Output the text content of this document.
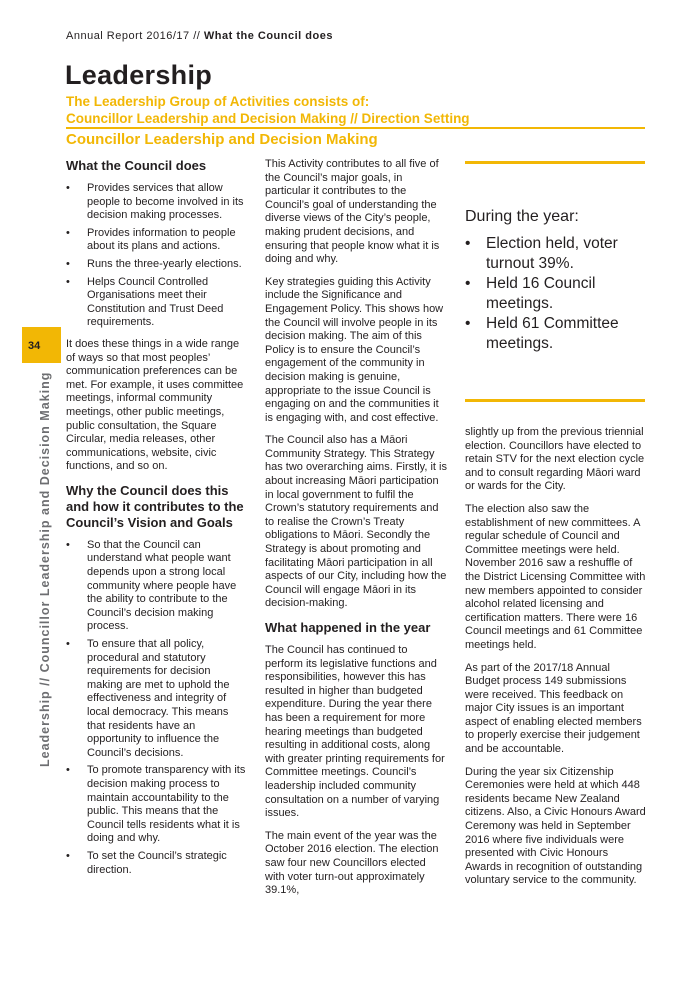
Annual Report 2016/17 // What the Council does
Leadership
The Leadership Group of Activities consists of:
Councillor Leadership and Decision Making // Direction Setting
Councillor Leadership and Decision Making
34
Leadership // Councillor Leadership and Decision Making
What the Council does
• Provides services that allow people to become involved in its decision making processes.
• Provides information to people about its plans and actions.
• Runs the three-yearly elections.
• Helps Council Controlled Organisations meet their Constitution and Trust Deed requirements.

It does these things in a wide range of ways so that most peoples’ communication preferences can be met. For example, it uses committee meetings, informal community meetings, other public meetings, public consultation, the Square Circular, media releases, other communications, website, civic functions, and so on.

Why the Council does this and how it contributes to the Council’s Vision and Goals
• So that the Council can understand what people want depends upon a strong local community where people have the ability to contribute to the Council’s decision making process.
• To ensure that all policy, procedural and statutory requirements for decision making are met to uphold the effectiveness and integrity of local democracy. This means that residents have an opportunity to influence the Council’s decisions.
• To promote transparency with its decision making process to maintain accountability to the public. This means that the Council tells residents what it is doing and why.
• To set the Council’s strategic direction.

This Activity contributes to all five of the Council’s major goals, in particular it contributes to the Council’s goal of understanding the diverse views of the City’s people, making prudent decisions, and ensuring that people know what it is doing and why.

Key strategies guiding this Activity include the Significance and Engagement Policy. This shows how the Council will involve people in its decision making. The aim of this Policy is to ensure the Council’s engagement of the community in decision making is genuine, appropriate to the issue Council is engaging on and the communities it is engaging with, and cost effective.

The Council also has a Māori Community Strategy. This Strategy has two overarching aims. Firstly, it is about increasing Māori participation in local government to fulfil the Crown’s statutory requirements and to realise the Crown’s Treaty obligations to Māori. Secondly the Strategy is about promoting and facilitating Māori participation in all aspects of our City, including how the Council will engage Māori in its decision-making.

What happened in the year

The Council has continued to perform its legislative functions and responsibilities, however this has resulted in higher than budgeted expenditure. During the year there has been a requirement for more hearing meetings than budgeted resulting in additional costs, along with greater printing requirements for Committee meetings. Council’s leadership included community consultation on a number of varying issues.

The main event of the year was the October 2016 election. The election saw four new Councillors elected with voter turn-out approximately 39.1%,

During the year:
• Election held, voter turnout 39%.
• Held 16 Council meetings.
• Held 61 Committee meetings.

slightly up from the previous triennial election. Councillors have elected to retain STV for the next election cycle and to consult regarding Māori ward or wards for the City.

The election also saw the establishment of new committees. A regular schedule of Council and Committee meetings were held. November 2016 saw a reshuffle of the District Licensing Committee with new members appointed to consider alcohol related licensing and certification matters. There were 16 Council meetings and 61 Committee meetings held.

As part of the 2017/18 Annual Budget process 149 submissions were received. This feedback on major City issues is an important aspect of enabling elected members to properly exercise their judgement and be accountable.

During the year six Citizenship Ceremonies were held at which 448 residents became New Zealand citizens. Also, a Civic Honours Award Ceremony was held in September 2016 where five individuals were presented with Civic Honours Awards in recognition of outstanding voluntary service to the community.
